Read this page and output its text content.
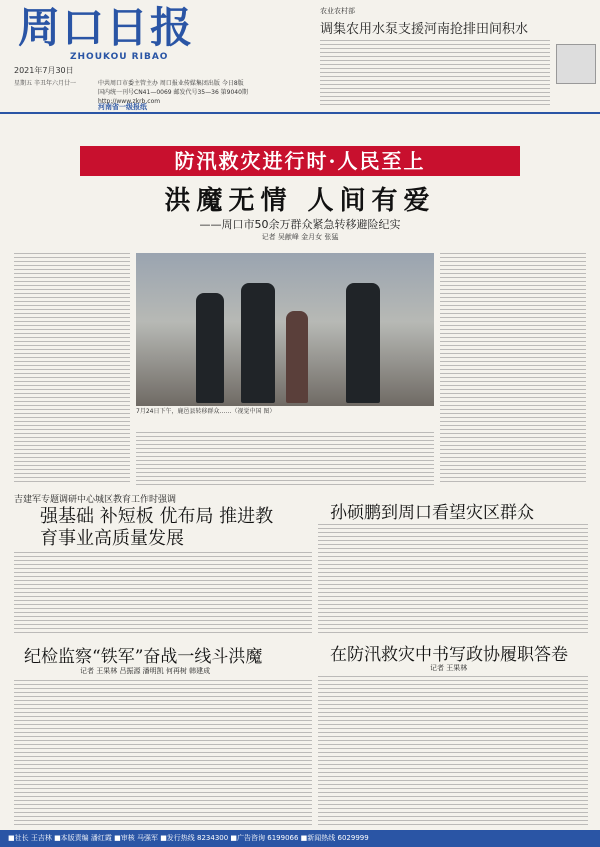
周口日报
ZHOUKOU RIBAO
2021年7月30日
星期五 辛丑年六月廿一	中共周口市委主管主办 周口报业传媒集团出版 今日8版
国内统一刊号CN41—0069 邮发代号35—36 第9040期 http://www.zkrb.com
河南省一级报纸
农业农村部
调集农用水泵支援河南抢排田间积水
防汛救灾进行时·人民至上
洪魔无情 人间有爱
——周口市50余万群众紧急转移避险纪实
记者 吴献峰 金月女 张猛
7月24日下午，鹿邑县转移群众……（视觉中国 图）
吉建军专题调研中心城区教育工作时强调
强基础 补短板 优布局 推进教育事业高质量发展
孙硕鹏到周口看望灾区群众
在防汛救灾中书写政协履职答卷
记者 王果林
纪检监察“铁军”奋战一线斗洪魔
记者 王果林 吕振源 潘明凯 何再树 韩建成
■社长 王吉林 ■本版责编 潘红霞 ■审核 马强军 ■发行热线 8234300 ■广告咨询 6199066 ■新闻热线 6029999
